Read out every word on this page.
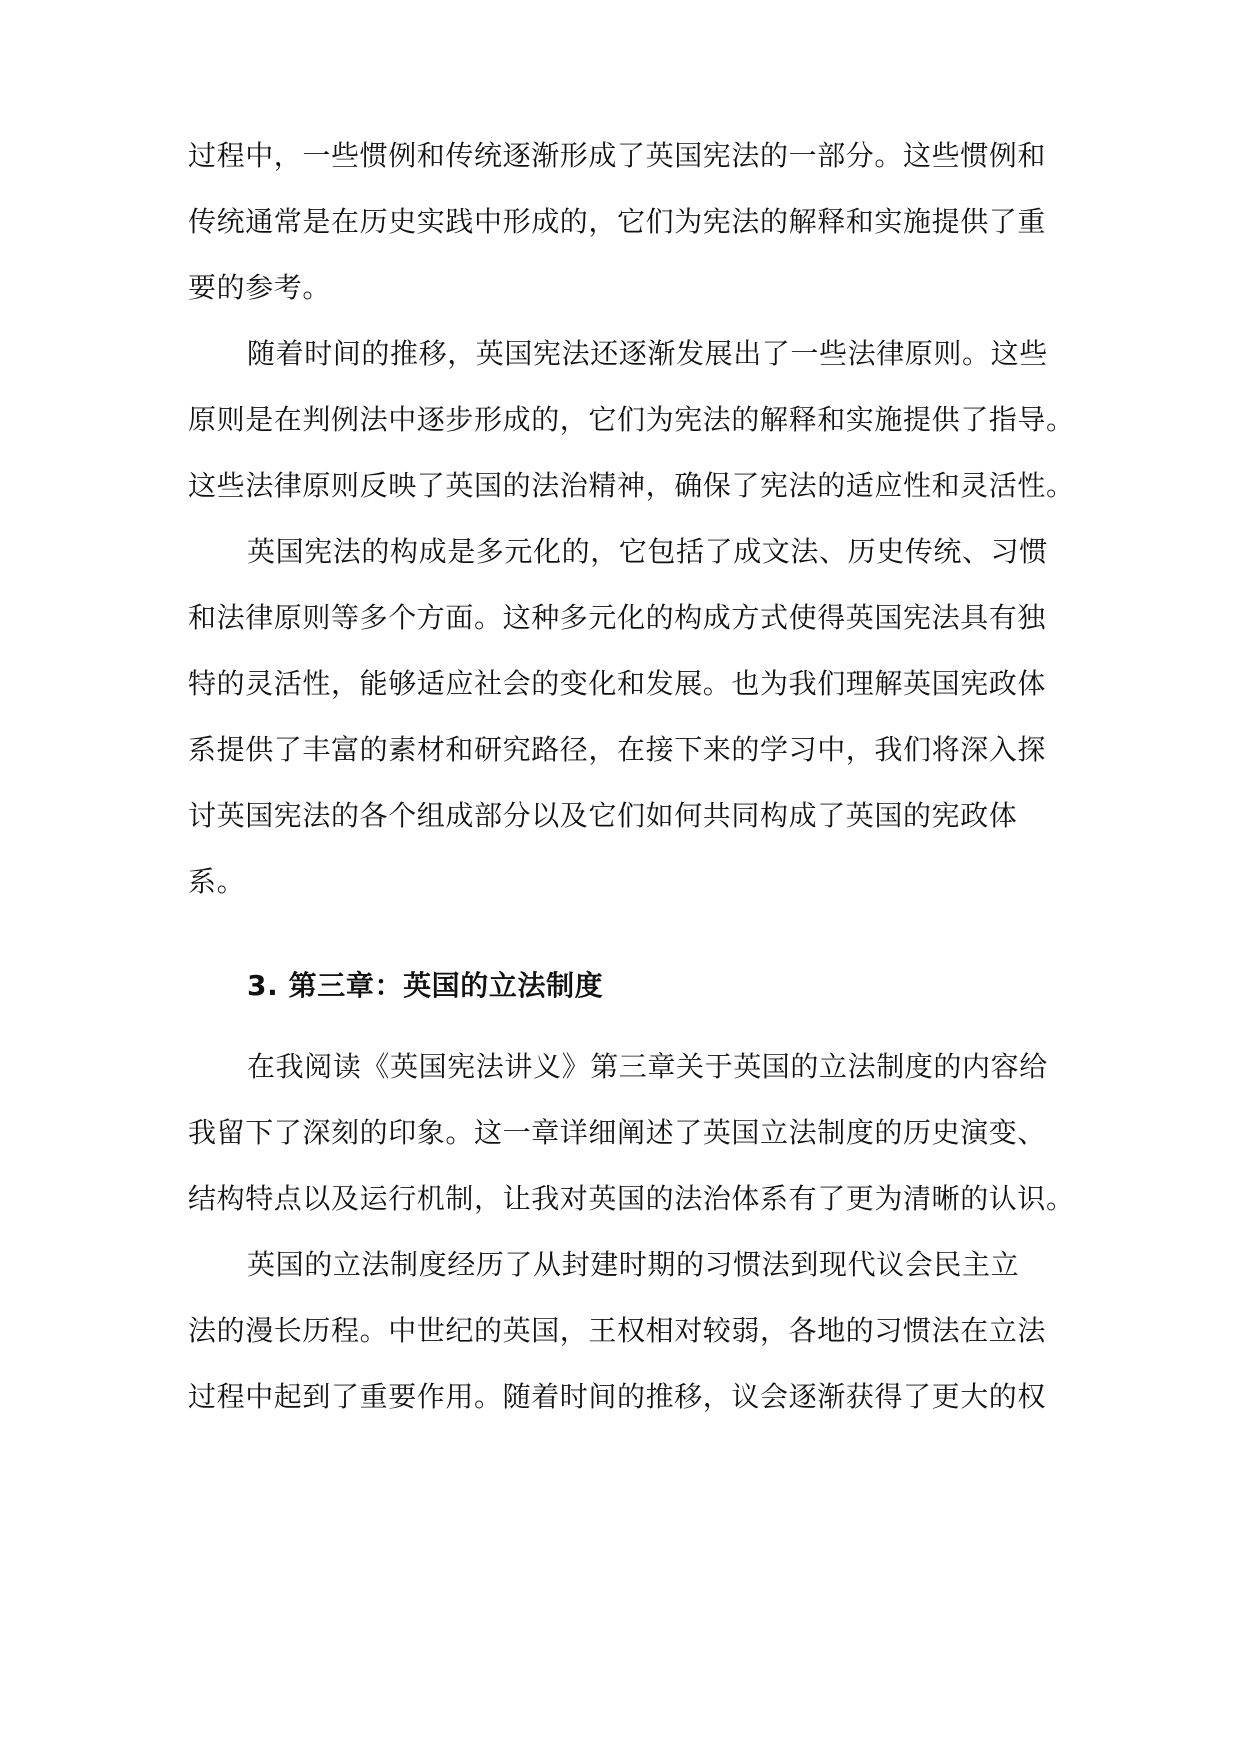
过程中，一些惯例和传统逐渐形成了英国宪法的一部分。这些惯例和
传统通常是在历史实践中形成的，它们为宪法的解释和实施提供了重
要的参考。
随着时间的推移，英国宪法还逐渐发展出了一些法律原则。这些
原则是在判例法中逐步形成的，它们为宪法的解释和实施提供了指导。
这些法律原则反映了英国的法治精神，确保了宪法的适应性和灵活性。
英国宪法的构成是多元化的，它包括了成文法、历史传统、习惯
和法律原则等多个方面。这种多元化的构成方式使得英国宪法具有独
特的灵活性，能够适应社会的变化和发展。也为我们理解英国宪政体
系提供了丰富的素材和研究路径，在接下来的学习中，我们将深入探
讨英国宪法的各个组成部分以及它们如何共同构成了英国的宪政体
系。
3. 第三章：英国的立法制度
在我阅读《英国宪法讲义》第三章关于英国的立法制度的内容给
我留下了深刻的印象。这一章详细阐述了英国立法制度的历史演变、
结构特点以及运行机制，让我对英国的法治体系有了更为清晰的认识。
英国的立法制度经历了从封建时期的习惯法到现代议会民主立
法的漫长历程。中世纪的英国，王权相对较弱，各地的习惯法在立法
过程中起到了重要作用。随着时间的推移，议会逐渐获得了更大的权
